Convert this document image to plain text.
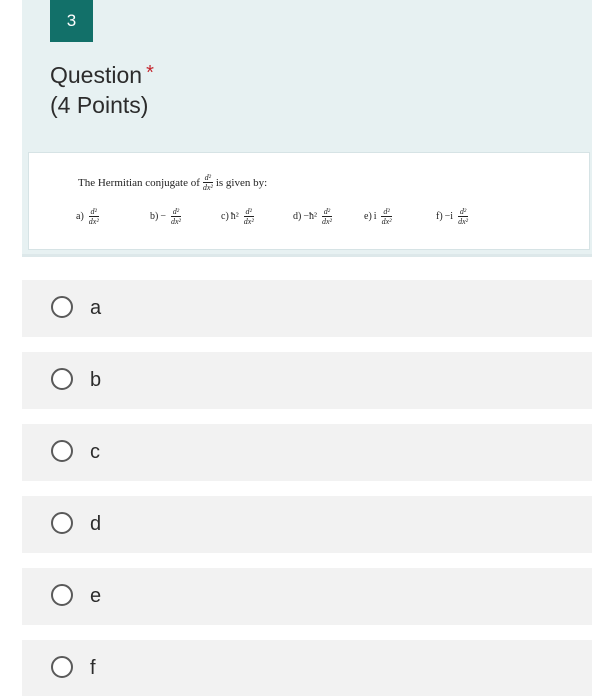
3
Question *
(4 Points)
The Hermitian conjugate of $\frac{\text{d²}}{\text{dx²}}$ is given by:
$a) \frac{\text{d²}}{\text{dx²}}$	$b) - \frac{\text{d²}}{\text{dx²}}$	c) ħ² $\frac{\text{d²}}{\text{dx²}}$	d) −ħ² $\frac{\text{d²}}{\text{dx²}}$	e) i $\frac{\text{d²}}{\text{dx²}}$	$f) -i \frac{\text{d²}}{\text{dx²}}$
a
b
c
d
e
f
